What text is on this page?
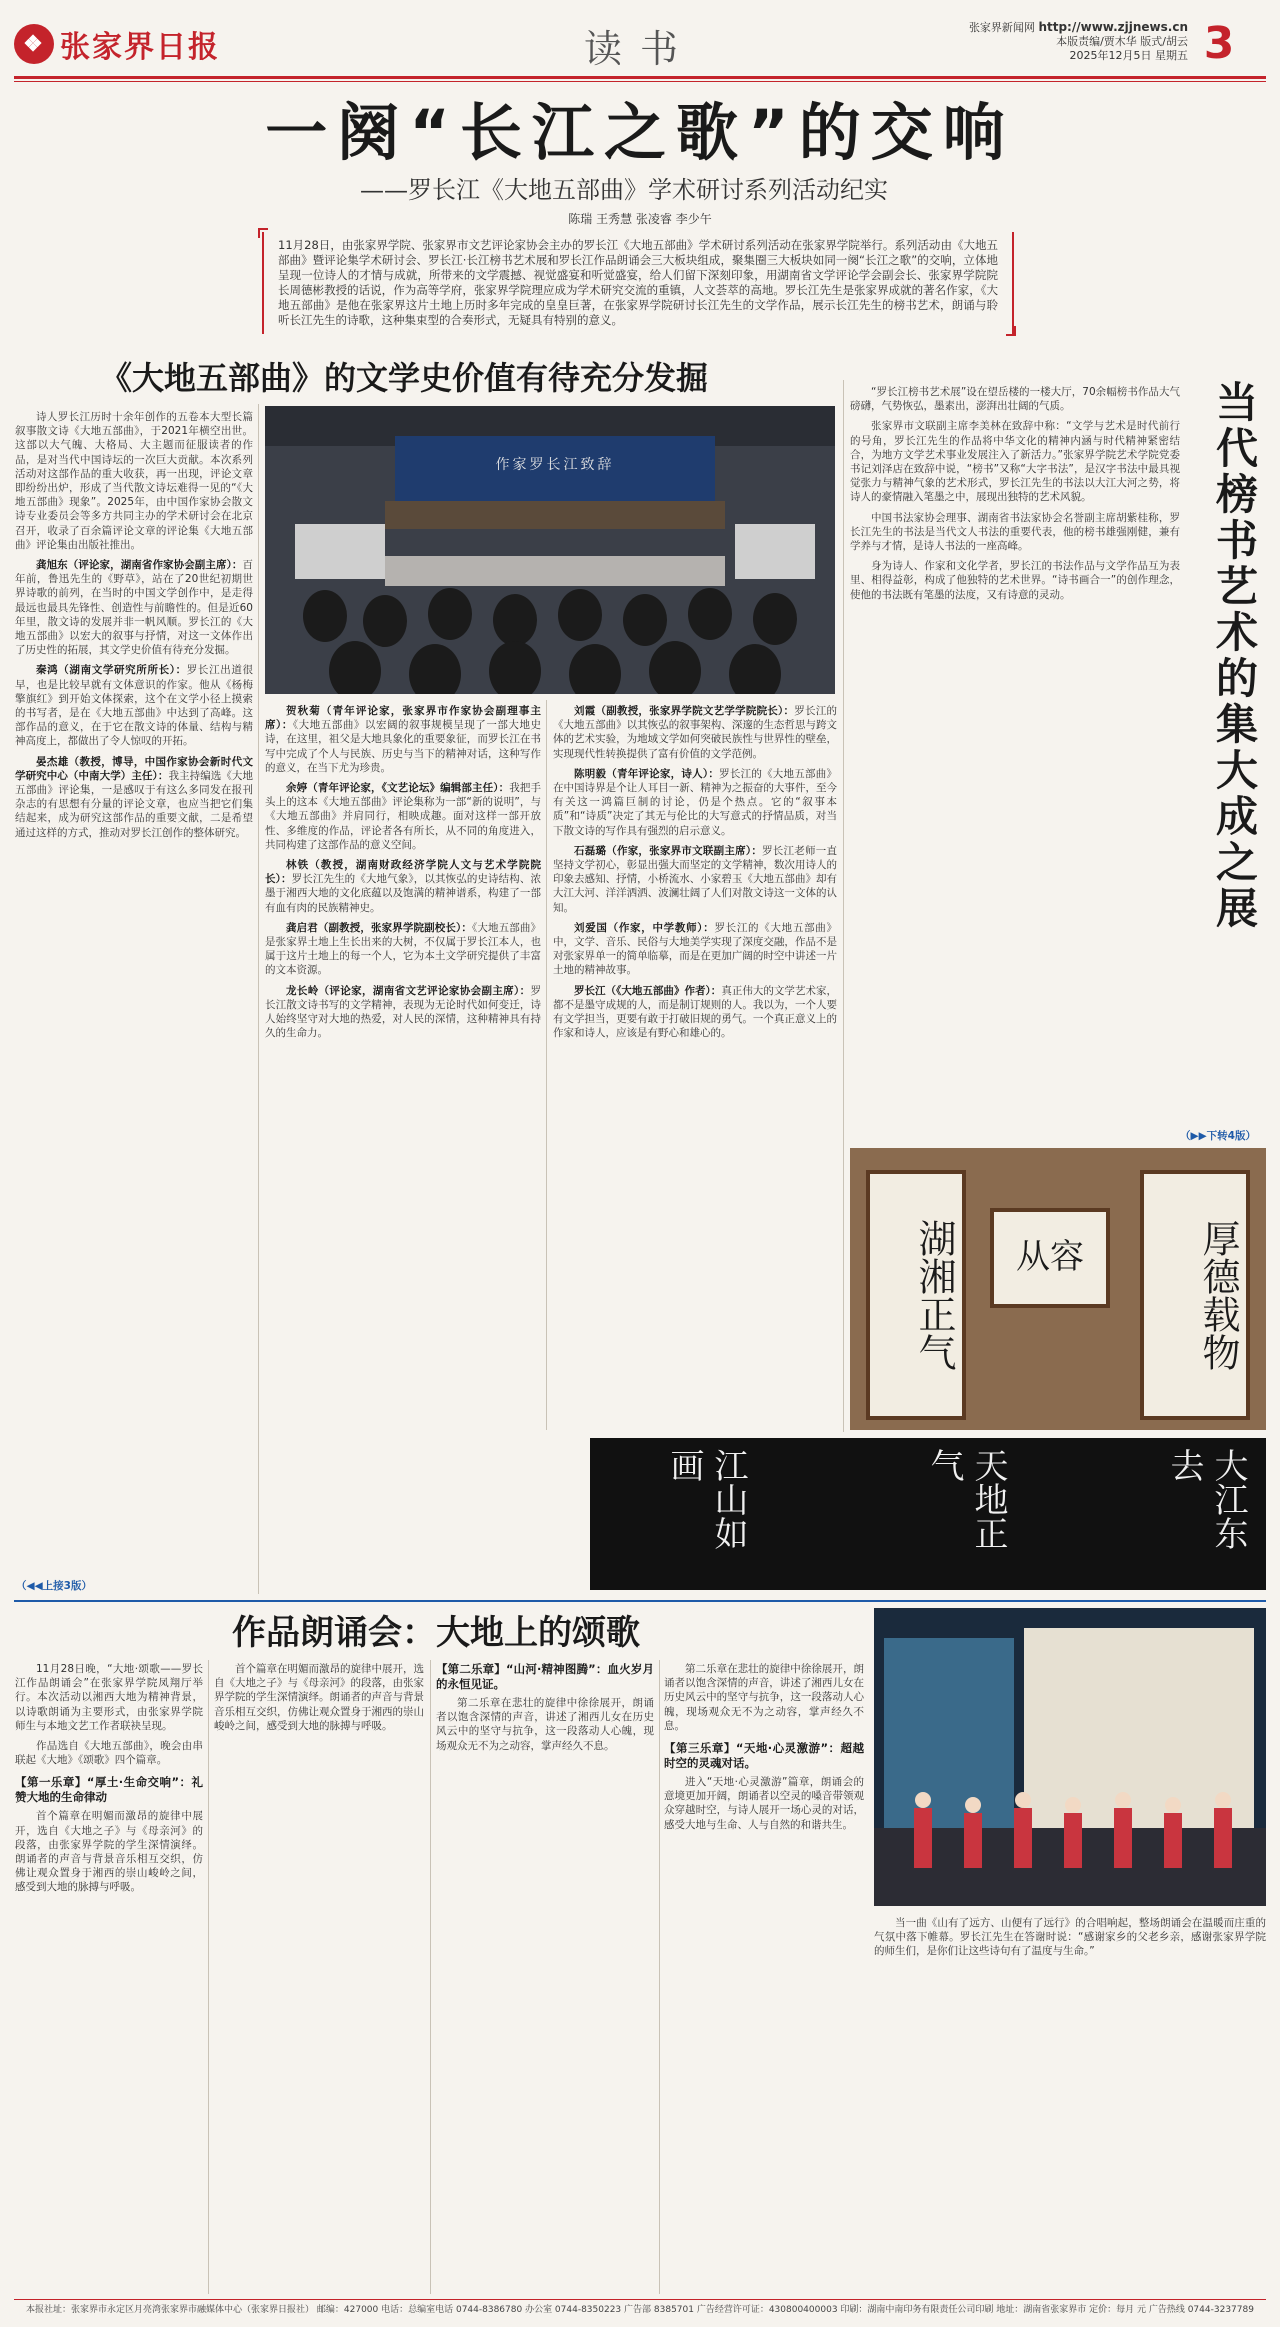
❖ 张家界日报	读书	张家界新闻网 http://www.zjjnews.cn
本版责编/贾木华 版式/胡云
2025年12月5日 星期五 3
一阕“长江之歌”的交响
——罗长江《大地五部曲》学术研讨系列活动纪实
陈瑞 王秀慧 张凌睿 李少午
11月28日，由张家界学院、张家界市文艺评论家协会主办的罗长江《大地五部曲》学术研讨系列活动在张家界学院举行。系列活动由《大地五部曲》暨评论集学术研讨会、罗长江·长江榜书艺术展和罗长江作品朗诵会三大板块组成，聚集圈三大板块如同一阕“长江之歌”的交响，立体地呈现一位诗人的才情与成就，所带来的文学震撼、视觉盛宴和听觉盛宴，给人们留下深刻印象，用湖南省文学评论学会副会长、张家界学院院长周德彬教授的话说，作为高等学府，张家界学院理应成为学术研究交流的重镇，人文荟萃的高地。罗长江先生是张家界成就的著名作家，《大地五部曲》是他在张家界这片土地上历时多年完成的皇皇巨著，在张家界学院研讨长江先生的文学作品，展示长江先生的榜书艺术，朗诵与聆听长江先生的诗歌，这种集束型的合奏形式，无疑具有特别的意义。
《大地五部曲》的文学史价值有待充分发掘
作家罗长江致辞

诗人罗长江历时十余年创作的五卷本大型长篇叙事散文诗《大地五部曲》，于2021年横空出世。这部以大气魄、大格局、大主题而征服读者的作品，是对当代中国诗坛的一次巨大贡献。本次系列活动对这部作品的重大收获，再一出现，评论文章即纷纷出炉，形成了当代散文诗坛难得一见的“《大地五部曲》现象”。2025年，由中国作家协会散文诗专业委员会等多方共同主办的学术研讨会在北京召开，收录了百余篇评论文章的评论集《大地五部曲》评论集由出版社推出。

龚旭东（评论家，湖南省作家协会副主席）：百年前，鲁迅先生的《野草》，站在了20世纪初期世界诗歌的前列，在当时的中国文学创作中，是走得最远也最具先锋性、创造性与前瞻性的。但是近60年里，散文诗的发展并非一帆风顺。罗长江的《大地五部曲》以宏大的叙事与抒情，对这一文体作出了历史性的拓展，其文学史价值有待充分发掘。

秦鸿（湖南文学研究所所长）：罗长江出道很早，也是比较早就有文体意识的作家。他从《杨梅擎旗红》到开始文体探索，这个在文学小径上摸索的书写者，是在《大地五部曲》中达到了高峰。这部作品的意义，在于它在散文诗的体量、结构与精神高度上，都做出了令人惊叹的开拓。

晏杰雄（教授，博导，中国作家协会新时代文学研究中心（中南大学）主任）：我主持编选《大地五部曲》评论集，一是感叹于有这么多同发在报刊杂志的有思想有分量的评论文章，也应当把它们集结起来，成为研究这部作品的重要文献，二是希望通过这样的方式，推动对罗长江创作的整体研究。

贺秋菊（青年评论家，张家界市作家协会副理事主席）：《大地五部曲》以宏阔的叙事规模呈现了一部大地史诗，在这里，祖父是大地具象化的重要象征，而罗长江在书写中完成了个人与民族、历史与当下的精神对话，这种写作的意义，在当下尤为珍贵。

余婷（青年评论家，《文艺论坛》编辑部主任）：我把手头上的这本《大地五部曲》评论集称为一部“新的说明”，与《大地五部曲》并肩同行，相映成趣。面对这样一部开放性、多维度的作品，评论者各有所长，从不同的角度进入，共同构建了这部作品的意义空间。

林铁（教授，湖南财政经济学院人文与艺术学院院长）：罗长江先生的《大地气象》，以其恢弘的史诗结构、浓墨于湘西大地的文化底蕴以及饱满的精神谱系，构建了一部有血有肉的民族精神史。

龚启君（副教授，张家界学院副校长）：《大地五部曲》是张家界土地上生长出来的大树，不仅属于罗长江本人，也属于这片土地上的每一个人，它为本土文学研究提供了丰富的文本资源。

龙长岭（评论家，湖南省文艺评论家协会副主席）：罗长江散文诗书写的文学精神，表现为无论时代如何变迁，诗人始终坚守对大地的热爱，对人民的深情，这种精神具有持久的生命力。

刘霞（副教授，张家界学院文艺学学院院长）：罗长江的《大地五部曲》以其恢弘的叙事架构、深邃的生态哲思与跨文体的艺术实验，为地域文学如何突破民族性与世界性的壁垒，实现现代性转换提供了富有价值的文学范例。

陈明毅（青年评论家，诗人）：罗长江的《大地五部曲》在中国诗界是个让人耳目一新、精神为之振奋的大事件，至今有关这一鸿篇巨制的讨论，仍是个热点。它的“叙事本质”和“诗质”决定了其无与伦比的大写意式的抒情品质，对当下散文诗的写作具有强烈的启示意义。

石磊璐（作家，张家界市文联副主席）：罗长江老师一直坚持文学初心，彰显出强大而坚定的文学精神，数次用诗人的印象去感知、抒情，小桥流水、小家碧玉《大地五部曲》却有大江大河、洋洋洒洒、波澜壮阔了人们对散文诗这一文体的认知。

刘爱国（作家，中学教师）：罗长江的《大地五部曲》中，文学、音乐、民俗与大地美学实现了深度交融，作品不是对张家界单一的简单临摹，而是在更加广阔的时空中讲述一片土地的精神故事。

罗长江（《大地五部曲》作者）：真正伟大的文学艺术家，都不是墨守成规的人，而是制订规则的人。我以为，一个人要有文学担当，更要有敢于打破旧规的勇气。一个真正意义上的作家和诗人，应该是有野心和雄心的。

“罗长江榜书艺术展”设在望岳楼的一楼大厅，70余幅榜书作品大气磅礴，气势恢弘，墨素出，澎湃出壮阔的气质。

张家界市文联副主席李美林在致辞中称：“文学与艺术是时代前行的号角，罗长江先生的作品将中华文化的精神内涵与时代精神紧密结合，为地方文学艺术事业发展注入了新活力。”张家界学院艺术学院党委书记刘泽店在致辞中说，“榜书”又称“大字书法”，是汉字书法中最具视觉张力与精神气象的艺术形式，罗长江先生的书法以大江大河之势，将诗人的豪情融入笔墨之中，展现出独特的艺术风貌。

中国书法家协会理事、湖南省书法家协会名誉副主席胡紫桂称，罗长江先生的书法是当代文人书法的重要代表，他的榜书雄强刚健，兼有学养与才情，是诗人书法的一座高峰。

身为诗人、作家和文化学者，罗长江的书法作品与文学作品互为表里、相得益彰，构成了他独特的艺术世界。“诗书画合一”的创作理念，使他的书法既有笔墨的法度，又有诗意的灵动。	当代榜书艺术的集大成之展
（▶▶下转4版）
湖湘正气	从容	厚德载物
江山如画	天地正气	大江东去
（◀◀上接3版）
作品朗诵会：大地上的颂歌

11月28日晚，“大地·颂歌——罗长江作品朗诵会”在张家界学院凤翔厅举行。本次活动以湘西大地为精神背景，以诗歌朗诵为主要形式，由张家界学院师生与本地文艺工作者联袂呈现。

作品选自《大地五部曲》，晚会由串联起《大地》《颂歌》四个篇章。

【第一乐章】“厚土·生命交响”：礼赞大地的生命律动

首个篇章在明媚而激昂的旋律中展开，选自《大地之子》与《母亲河》的段落，由张家界学院的学生深情演绎。朗诵者的声音与背景音乐相互交织，仿佛让观众置身于湘西的崇山峻岭之间，感受到大地的脉搏与呼吸。

首个篇章在明媚而激昂的旋律中展开，选自《大地之子》与《母亲河》的段落，由张家界学院的学生深情演绎。朗诵者的声音与背景音乐相互交织，仿佛让观众置身于湘西的崇山峻岭之间，感受到大地的脉搏与呼吸。

【第二乐章】“山河·精神图腾”：血火岁月的永恒见证。

第二乐章在悲壮的旋律中徐徐展开，朗诵者以饱含深情的声音，讲述了湘西儿女在历史风云中的坚守与抗争，这一段落动人心魄，现场观众无不为之动容，掌声经久不息。

第二乐章在悲壮的旋律中徐徐展开，朗诵者以饱含深情的声音，讲述了湘西儿女在历史风云中的坚守与抗争，这一段落动人心魄，现场观众无不为之动容，掌声经久不息。

【第三乐章】“天地·心灵激游”：超越时空的灵魂对话。

进入“天地·心灵激游”篇章，朗诵会的意境更加开阔，朗诵者以空灵的嗓音带领观众穿越时空，与诗人展开一场心灵的对话，感受大地与生命、人与自然的和谐共生。

当一曲《山有了远方、山便有了远行》的合唱响起，整场朗诵会在温暖而庄重的气氛中落下帷幕。罗长江先生在答谢时说：“感谢家乡的父老乡亲，感谢张家界学院的师生们，是你们让这些诗句有了温度与生命。”

本报社址：张家界市永定区月亮湾张家界市融媒体中心（张家界日报社） 邮编：427000 电话：总编室电话 0744-8386780 办公室 0744-8350223 广告部 8385701 广告经营许可证：430800400003 印刷：湖南中南印务有限责任公司印刷 地址：湖南省张家界市 定价：每月 元 广告热线 0744-3237789
